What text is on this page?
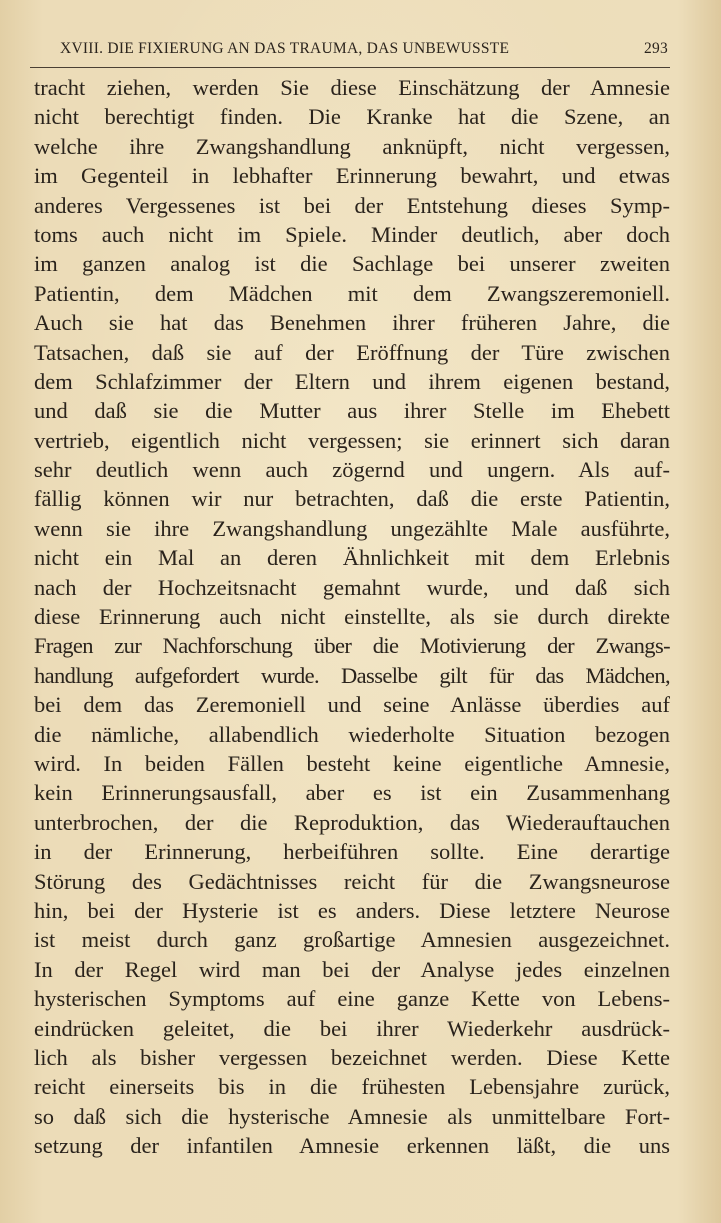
XVIII. DIE FIXIERUNG AN DAS TRAUMA, DAS UNBEWUSSTE	293
tracht ziehen, werden Sie diese Einschätzung der Amnesie
nicht berechtigt finden. Die Kranke hat die Szene, an
welche ihre Zwangshandlung anknüpft, nicht vergessen,
im Gegenteil in lebhafter Erinnerung bewahrt, und etwas
anderes Vergessenes ist bei der Entstehung dieses Symp-
toms auch nicht im Spiele. Minder deutlich, aber doch
im ganzen analog ist die Sachlage bei unserer zweiten
Patientin, dem Mädchen mit dem Zwangszeremoniell.
Auch sie hat das Benehmen ihrer früheren Jahre, die
Tatsachen, daß sie auf der Eröffnung der Türe zwischen
dem Schlafzimmer der Eltern und ihrem eigenen bestand,
und daß sie die Mutter aus ihrer Stelle im Ehebett
vertrieb, eigentlich nicht vergessen; sie erinnert sich daran
sehr deutlich wenn auch zögernd und ungern. Als auf-
fällig können wir nur betrachten, daß die erste Patientin,
wenn sie ihre Zwangshandlung ungezählte Male ausführte,
nicht ein Mal an deren Ähnlichkeit mit dem Erlebnis
nach der Hochzeitsnacht gemahnt wurde, und daß sich
diese Erinnerung auch nicht einstellte, als sie durch direkte
Fragen zur Nachforschung über die Motivierung der Zwangs-
handlung aufgefordert wurde. Dasselbe gilt für das Mädchen,
bei dem das Zeremoniell und seine Anlässe überdies auf
die nämliche, allabendlich wiederholte Situation bezogen
wird. In beiden Fällen besteht keine eigentliche Amnesie,
kein Erinnerungsausfall, aber es ist ein Zusammenhang
unterbrochen, der die Reproduktion, das Wiederauftauchen
in der Erinnerung, herbeiführen sollte. Eine derartige
Störung des Gedächtnisses reicht für die Zwangsneurose
hin, bei der Hysterie ist es anders. Diese letztere Neurose
ist meist durch ganz großartige Amnesien ausgezeichnet.
In der Regel wird man bei der Analyse jedes einzelnen
hysterischen Symptoms auf eine ganze Kette von Lebens-
eindrücken geleitet, die bei ihrer Wiederkehr ausdrück-
lich als bisher vergessen bezeichnet werden. Diese Kette
reicht einerseits bis in die frühesten Lebensjahre zurück,
so daß sich die hysterische Amnesie als unmittelbare Fort-
setzung der infantilen Amnesie erkennen läßt, die uns
